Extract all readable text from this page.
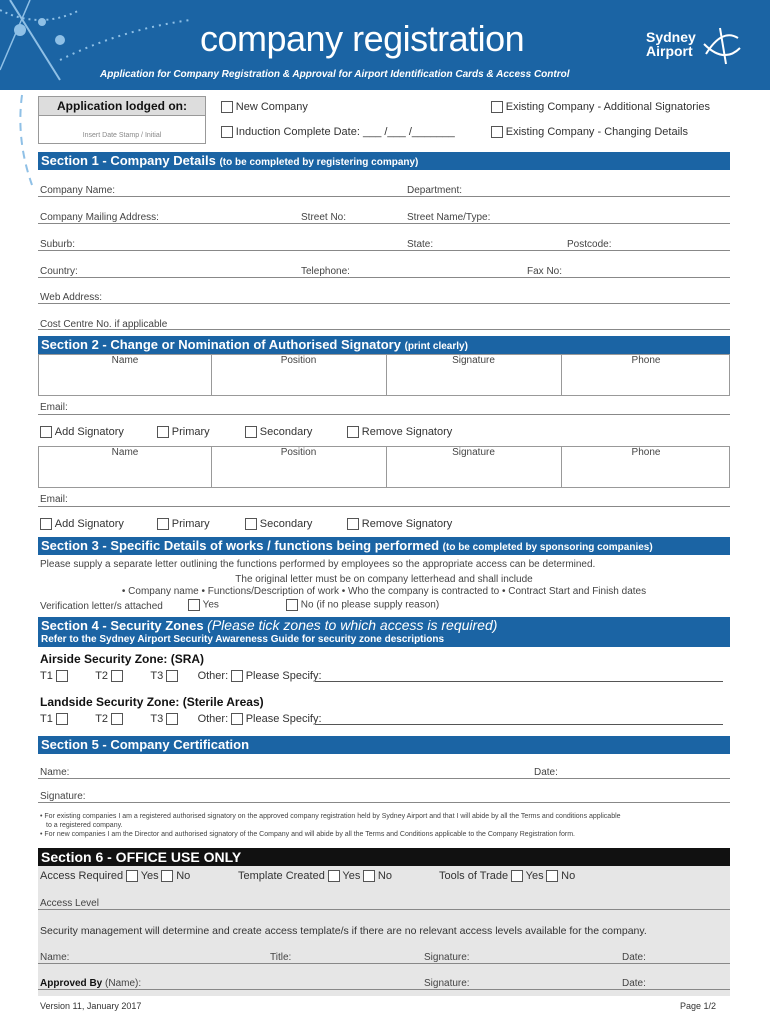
company registration
Application for Company Registration & Approval for Airport Identification Cards & Access Control
Sydney
Airport
Application lodged on:
Insert Date Stamp / Initial
New Company
Induction Complete Date: ___ /___ /_______
Existing Company - Additional Signatories
Existing Company - Changing Details
Section 1 - Company Details (to be completed by registering company)
Company Name:	Department:
Company Mailing Address:	Street No:	Street Name/Type:
Suburb:	State:	Postcode:
Country:	Telephone:	Fax No:
Web Address:
Cost Centre No. if applicable
Section 2 - Change or Nomination of Authorised Signatory (print clearly)
Name	Position	Signature	Phone
Email:
Add Signatory	Primary	Secondary	Remove Signatory
Name	Position	Signature	Phone
Email:
Add Signatory	Primary	Secondary	Remove Signatory
Section 3 - Specific Details of works / functions being performed (to be completed by sponsoring companies)
Please supply a separate letter outlining the functions performed by employees so the appropriate access can be determined.
The original letter must be on company letterhead and shall include
• Company name • Functions/Description of work • Who the company is contracted to • Contract Start and Finish dates
Verification letter/s attached	Yes	No (if no please supply reason)
Section 4 - Security Zones (Please tick zones to which access is required)
Refer to the Sydney Airport Security Awareness Guide for security zone descriptions
Airside Security Zone: (SRA)
T1	T2	T3	Other: Please Specify:
Landside Security Zone: (Sterile Areas)
T1	T2	T3	Other: Please Specify:
Section 5 - Company Certification
Name:	Date:
Signature:
• For existing companies I am a registered authorised signatory on the approved company registration held by Sydney Airport and that I will abide by all the Terms and conditions applicable
to a registered company.
• For new companies I am the Director and authorised signatory of the Company and will abide by all the Terms and Conditions applicable to the Company Registration form.
Section 6 - OFFICE USE ONLY
Access Required Yes No	Template Created Yes No	Tools of Trade Yes No
Access Level
Security management will determine and create access template/s if there are no relevant access levels available for the company.
Name:	Title:	Signature:	Date:
Approved By (Name):	Signature:	Date:
Version 11, January 2017	Page 1/2
